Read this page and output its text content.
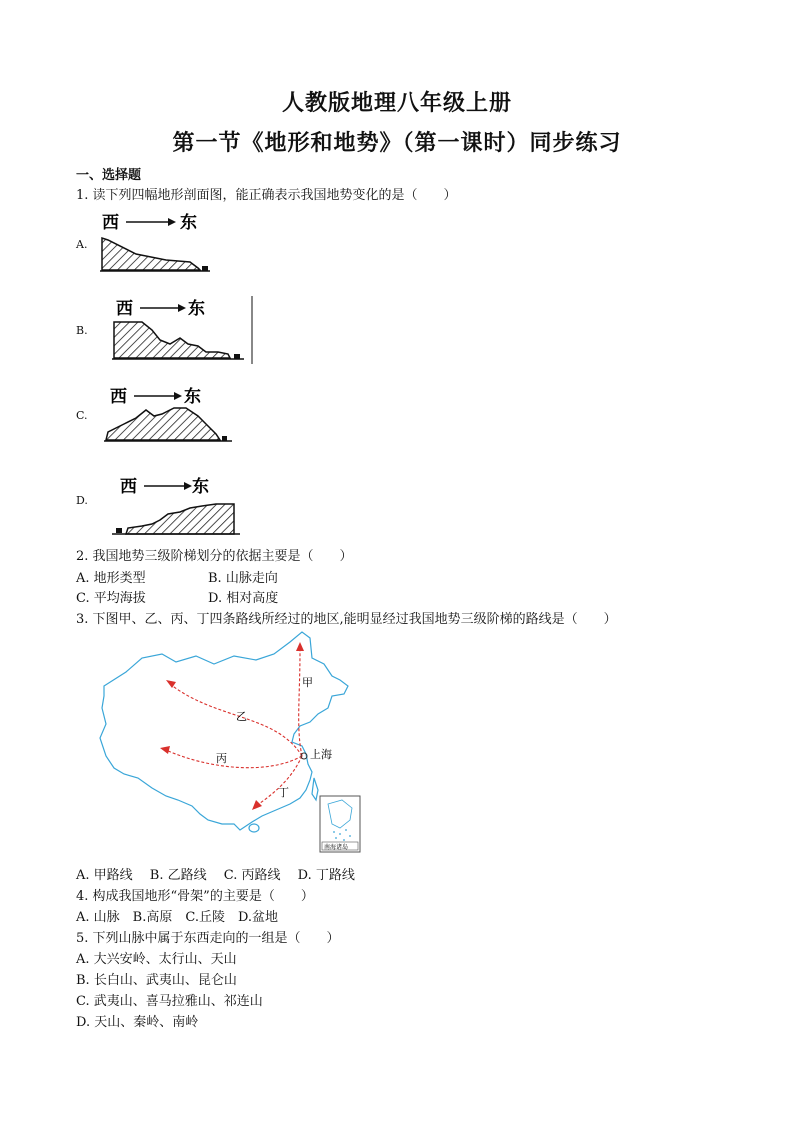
人教版地理八年级上册
第一节《地形和地势》（第一课时）同步练习
一、选择题
1. 读下列四幅地形剖面图，能正确表示我国地势变化的是（　　）
A.
西	东
B.
西	东
C.
西	东
D.
西	东
2. 我国地势三级阶梯划分的依据主要是（　　）
A. 地形类型	B. 山脉走向
C. 平均海拔	D. 相对高度
3. 下图甲、乙、丙、丁四条路线所经过的地区,能明显经过我国地势三级阶梯的路线是（　　）
甲
乙
丙
丁
上海
南海诸岛
A. 甲路线　 B. 乙路线　 C. 丙路线　 D. 丁路线
4. 构成我国地形“骨架”的主要是（　　）
A. 山脉　B.高原　C.丘陵　D.盆地
5. 下列山脉中属于东西走向的一组是（　　）
A. 大兴安岭、太行山、天山
B. 长白山、武夷山、昆仑山
C. 武夷山、喜马拉雅山、祁连山
D. 天山、秦岭、南岭
